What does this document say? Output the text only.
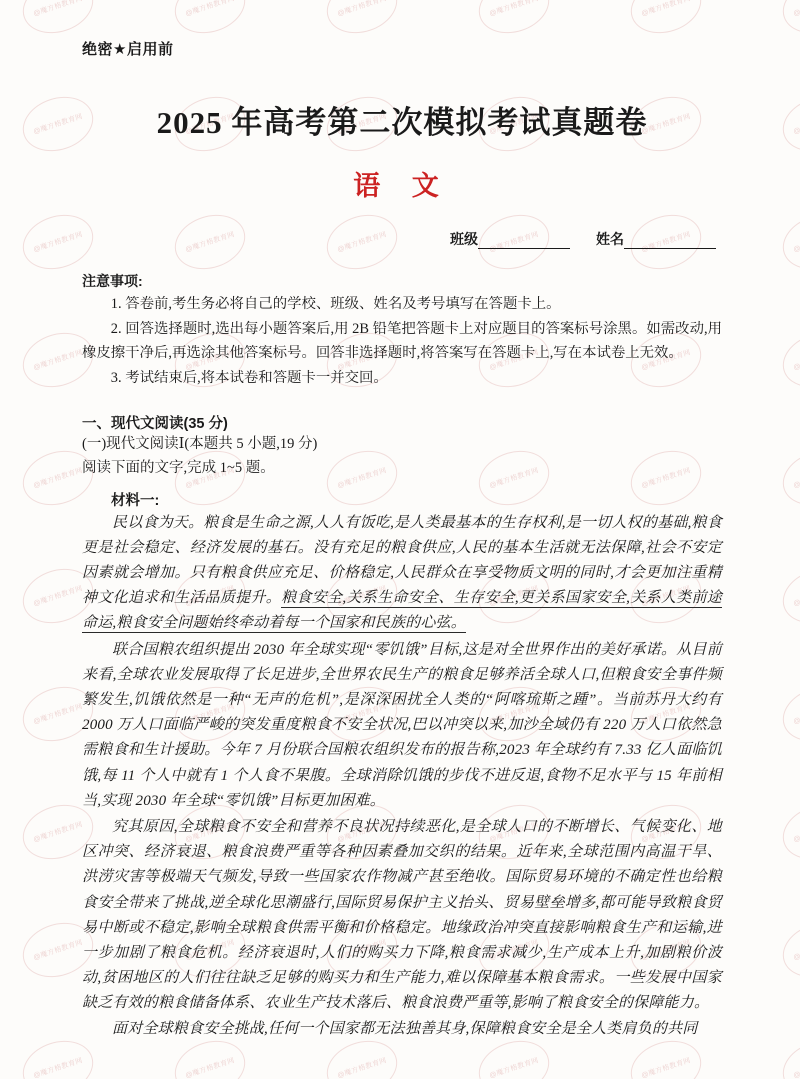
@魔方格教育网
@魔方格教育网
@魔方格教育网
@魔方格教育网
@魔方格教育网
@魔方格教育网
@魔方格教育网
@魔方格教育网
@魔方格教育网
@魔方格教育网
@魔方格教育网
@魔方格教育网
@魔方格教育网
@魔方格教育网
@魔方格教育网
@魔方格教育网
@魔方格教育网
@魔方格教育网
@魔方格教育网
@魔方格教育网
@魔方格教育网
@魔方格教育网
@魔方格教育网
@魔方格教育网
@魔方格教育网
@魔方格教育网
@魔方格教育网
@魔方格教育网
@魔方格教育网
@魔方格教育网
@魔方格教育网
@魔方格教育网
@魔方格教育网
@魔方格教育网
@魔方格教育网
@魔方格教育网
@魔方格教育网
@魔方格教育网
@魔方格教育网
@魔方格教育网
@魔方格教育网
@魔方格教育网
@魔方格教育网
@魔方格教育网
@魔方格教育网
@魔方格教育网
@魔方格教育网
@魔方格教育网
@魔方格教育网
@魔方格教育网
@魔方格教育网
@魔方格教育网
@魔方格教育网
@魔方格教育网
@魔方格教育网
@魔方格教育网
@魔方格教育网
@魔方格教育网
@魔方格教育网
@魔方格教育网
绝密★启用前
2025 年高考第二次模拟考试真题卷
语 文
班级	姓名
注意事项:
1. 答卷前,考生务必将自己的学校、班级、姓名及考号填写在答题卡上。
2. 回答选择题时,选出每小题答案后,用 2B 铅笔把答题卡上对应题目的答案标号涂黑。如需改动,用橡皮擦干净后,再选涂其他答案标号。回答非选择题时,将答案写在答题卡上,写在本试卷上无效。
3. 考试结束后,将本试卷和答题卡一并交回。
一、现代文阅读(35 分)
(一)现代文阅读Ⅰ(本题共 5 小题,19 分)
阅读下面的文字,完成 1~5 题。
材料一:

民以食为天。粮食是生命之源,人人有饭吃,是人类最基本的生存权利,是一切人权的基础,粮食更是社会稳定、经济发展的基石。没有充足的粮食供应,人民的基本生活就无法保障,社会不安定因素就会增加。只有粮食供应充足、价格稳定,人民群众在享受物质文明的同时,才会更加注重精神文化追求和生活品质提升。粮食安全,关系生命安全、生存安全,更关系国家安全,关系人类前途命运,粮食安全问题始终牵动着每一个国家和民族的心弦。

联合国粮农组织提出 2030 年全球实现“零饥饿”目标,这是对全世界作出的美好承诺。从目前来看,全球农业发展取得了长足进步,全世界农民生产的粮食足够养活全球人口,但粮食安全事件频繁发生,饥饿依然是一种“无声的危机”,是深深困扰全人类的“阿喀琉斯之踵”。当前苏丹大约有 2000 万人口面临严峻的突发重度粮食不安全状况,巴以冲突以来,加沙全域仍有 220 万人口依然急需粮食和生计援助。今年 7 月份联合国粮农组织发布的报告称,2023 年全球约有 7.33 亿人面临饥饿,每 11 个人中就有 1 个人食不果腹。全球消除饥饿的步伐不进反退,食物不足水平与 15 年前相当,实现 2030 年全球“零饥饿”目标更加困难。

究其原因,全球粮食不安全和营养不良状况持续恶化,是全球人口的不断增长、气候变化、地区冲突、经济衰退、粮食浪费严重等各种因素叠加交织的结果。近年来,全球范围内高温干旱、洪涝灾害等极端天气频发,导致一些国家农作物减产甚至绝收。国际贸易环境的不确定性也给粮食安全带来了挑战,逆全球化思潮盛行,国际贸易保护主义抬头、贸易壁垒增多,都可能导致粮食贸易中断或不稳定,影响全球粮食供需平衡和价格稳定。地缘政治冲突直接影响粮食生产和运输,进一步加剧了粮食危机。经济衰退时,人们的购买力下降,粮食需求减少,生产成本上升,加剧粮价波动,贫困地区的人们往往缺乏足够的购买力和生产能力,难以保障基本粮食需求。一些发展中国家缺乏有效的粮食储备体系、农业生产技术落后、粮食浪费严重等,影响了粮食安全的保障能力。

面对全球粮食安全挑战,任何一个国家都无法独善其身,保障粮食安全是全人类肩负的共同
